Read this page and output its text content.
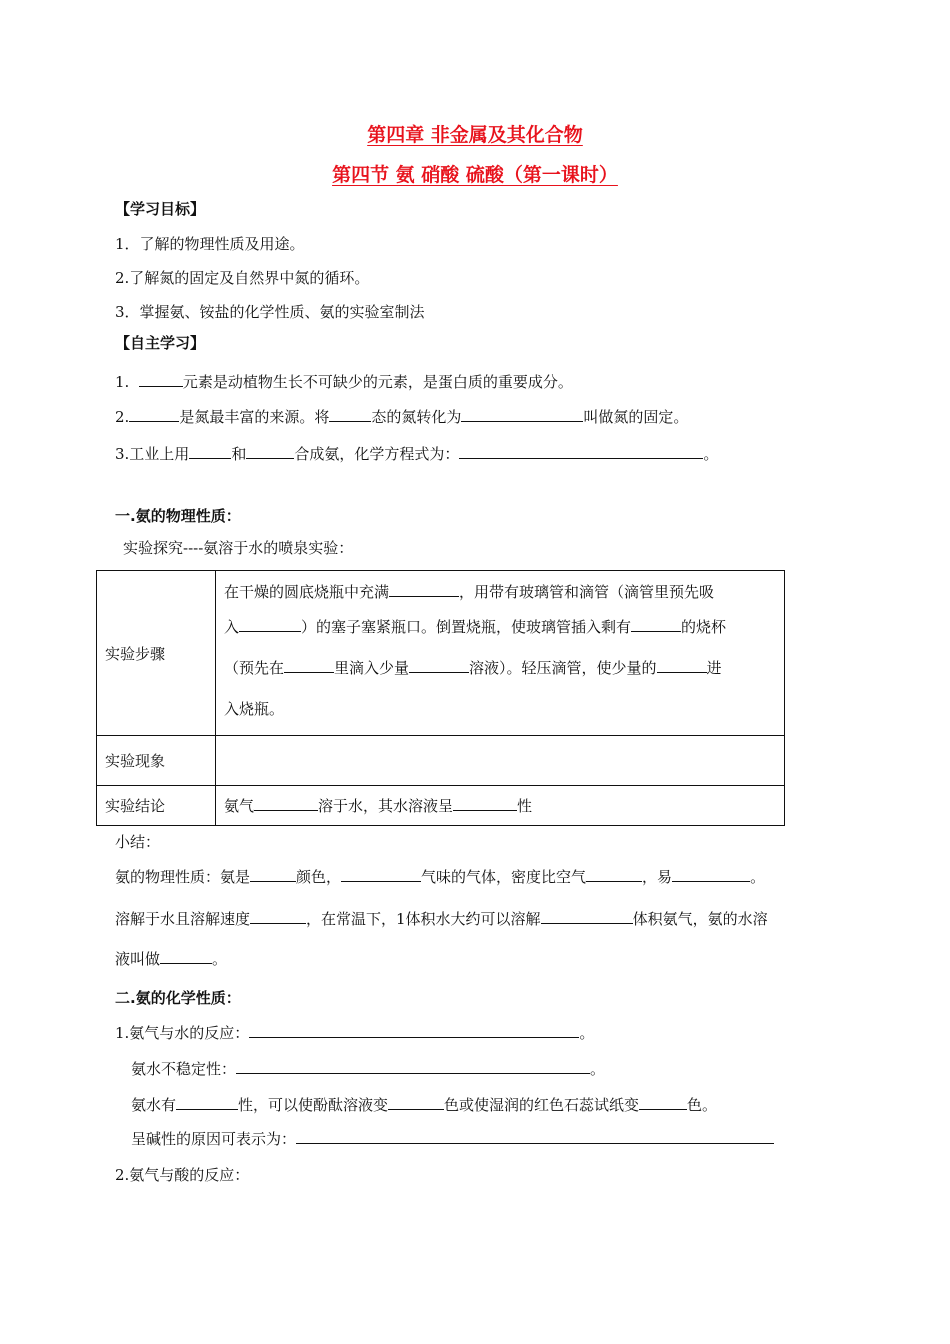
第四章 非金属及其化合物
第四节 氨 硝酸 硫酸（第一课时）
【学习目标】
1．了解的物理性质及用途。
2.了解氮的固定及自然界中氮的循环。
3．掌握氨、铵盐的化学性质、氨的实验室制法
【自主学习】
1.	元素是动植物生长不可缺少的元素，是蛋白质的重要成分。
2.	是氮最丰富的来源。将	态的氮转化为	叫做氮的固定。
3.工业上用	和	合成氨，化学方程式为：	。
一.氨的物理性质：
实验探究----氨溶于水的喷泉实验：
实验步骤	在干燥的圆底烧瓶中充满 ，用带有玻璃管和滴管（滴管里预先吸
入 ）的塞子塞紧瓶口。倒置烧瓶，使玻璃管插入剩有 的烧杯
（预先在 里滴入少量 溶液）。轻压滴管，使少量的 进
入烧瓶。

实验现象	
实验结论	氨气 溶于水，其水溶液呈 性
小结：
氨的物理性质：氨是	颜色，	气味的气体，密度比空气	，易	。
溶解于水且溶解速度	，在常温下，1体积水大约可以溶解	体积氨气，氨的水溶
液叫做	。
二.氨的化学性质：
1.氨气与水的反应：	。
氨水不稳定性：	。
氨水有	性，可以使酚酞溶液变	色或使湿润的红色石蕊试纸变	色。
呈碱性的原因可表示为：
2.氨气与酸的反应：
